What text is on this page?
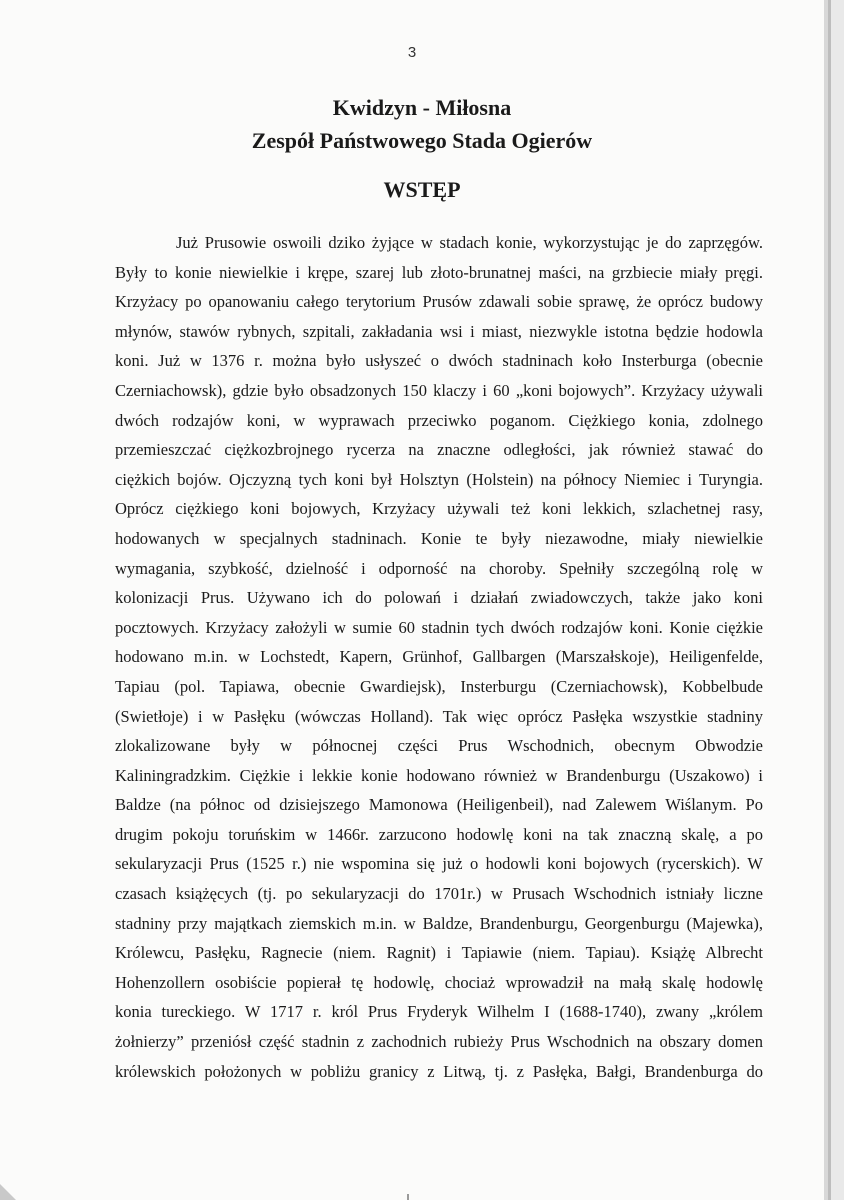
3
Kwidzyn - Miłosna
Zespół Państwowego Stada Ogierów
WSTĘP
Już Prusowie oswoili dziko żyjące w stadach konie, wykorzystując je do zaprzęgów.
Były to konie niewielkie i krępe, szarej lub złoto-brunatnej maści, na grzbiecie miały pręgi.
Krzyżacy po opanowaniu całego terytorium Prusów zdawali sobie sprawę, że oprócz budowy
młynów, stawów rybnych, szpitali, zakładania wsi i miast, niezwykle istotna będzie hodowla
koni. Już w 1376 r. można było usłyszeć o dwóch stadninach koło Insterburga (obecnie
Czerniachowsk), gdzie było obsadzonych 150 klaczy i 60 „koni bojowych”. Krzyżacy używali
dwóch rodzajów koni, w wyprawach przeciwko poganom. Ciężkiego konia, zdolnego
przemieszczać ciężkozbrojnego rycerza na znaczne odległości, jak również stawać do
ciężkich bojów. Ojczyzną tych koni był Holsztyn (Holstein) na północy Niemiec i Turyngia.
Oprócz ciężkiego koni bojowych, Krzyżacy używali też koni lekkich, szlachetnej rasy,
hodowanych w specjalnych stadninach. Konie te były niezawodne, miały niewielkie
wymagania, szybkość, dzielność i odporność na choroby. Spełniły szczególną rolę w
kolonizacji Prus. Używano ich do polowań i działań zwiadowczych, także jako koni
pocztowych. Krzyżacy założyli w sumie 60 stadnin tych dwóch rodzajów koni. Konie ciężkie
hodowano m.in. w Lochstedt, Kapern, Grünhof, Gallbargen (Marszałskoje), Heiligenfelde,
Tapiau (pol. Tapiawa, obecnie Gwardiejsk), Insterburgu (Czerniachowsk), Kobbelbude
(Swietłoje) i w Pasłęku (wówczas Holland). Tak więc oprócz Pasłęka wszystkie stadniny
zlokalizowane były w północnej części Prus Wschodnich, obecnym Obwodzie
Kaliningradzkim. Ciężkie i lekkie konie hodowano również w Brandenburgu (Uszakowo) i
Baldze (na północ od dzisiejszego Mamonowa (Heiligenbeil), nad Zalewem Wiślanym. Po
drugim pokoju toruńskim w 1466r. zarzucono hodowlę koni na tak znaczną skalę, a po
sekularyzacji Prus (1525 r.) nie wspomina się już o hodowli koni bojowych (rycerskich). W
czasach książęcych (tj. po sekularyzacji do 1701r.) w Prusach Wschodnich istniały liczne
stadniny przy majątkach ziemskich m.in. w Baldze, Brandenburgu, Georgenburgu (Majewka),
Królewcu, Pasłęku, Ragnecie (niem. Ragnit) i Tapiawie (niem. Tapiau). Książę Albrecht
Hohenzollern osobiście popierał tę hodowlę, chociaż wprowadził na małą skalę hodowlę
konia tureckiego. W 1717 r. król Prus Fryderyk Wilhelm I (1688-1740), zwany „królem
żołnierzy” przeniósł część stadnin z zachodnich rubieży Prus Wschodnich na obszary domen
królewskich położonych w pobliżu granicy z Litwą, tj. z Pasłęka, Bałgi, Brandenburga do
